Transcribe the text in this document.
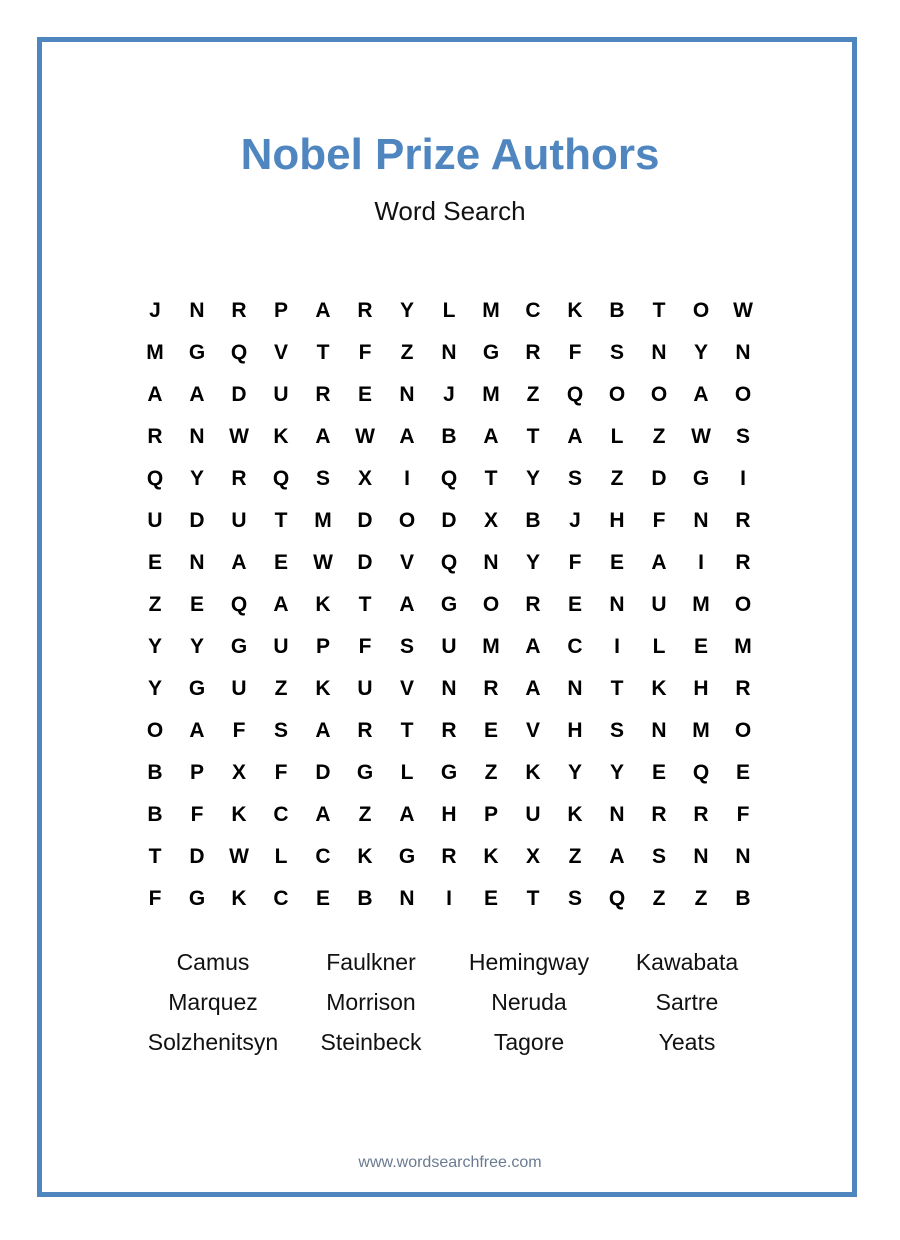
Nobel Prize Authors
Word Search
J	N	R	P	A	R	Y	L	M	C	K	B	T	O	W
M	G	Q	V	T	F	Z	N	G	R	F	S	N	Y	N
A	A	D	U	R	E	N	J	M	Z	Q	O	O	A	O
R	N	W	K	A	W	A	B	A	T	A	L	Z	W	S
Q	Y	R	Q	S	X	I	Q	T	Y	S	Z	D	G	I
U	D	U	T	M	D	O	D	X	B	J	H	F	N	R
E	N	A	E	W	D	V	Q	N	Y	F	E	A	I	R
Z	E	Q	A	K	T	A	G	O	R	E	N	U	M	O
Y	Y	G	U	P	F	S	U	M	A	C	I	L	E	M
Y	G	U	Z	K	U	V	N	R	A	N	T	K	H	R
O	A	F	S	A	R	T	R	E	V	H	S	N	M	O
B	P	X	F	D	G	L	G	Z	K	Y	Y	E	Q	E
B	F	K	C	A	Z	A	H	P	U	K	N	R	R	F
T	D	W	L	C	K	G	R	K	X	Z	A	S	N	N
F	G	K	C	E	B	N	I	E	T	S	Q	Z	Z	B
Camus	Faulkner	Hemingway	Kawabata
Marquez	Morrison	Neruda	Sartre
Solzhenitsyn	Steinbeck	Tagore	Yeats
www.wordsearchfree.com
